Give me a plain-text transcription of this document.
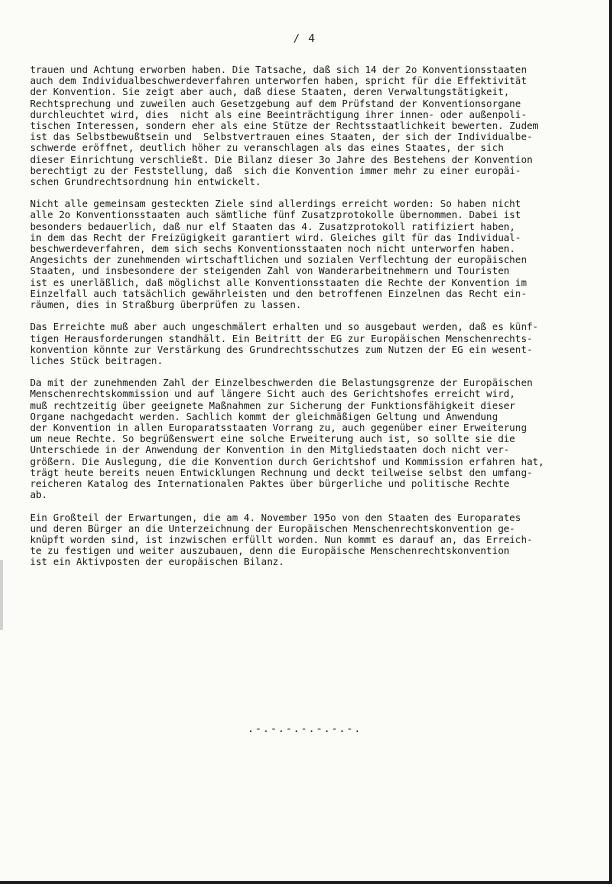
/ 4
trauen und Achtung erworben haben. Die Tatsache, daß sich 14 der 2o Konventionsstaaten
auch dem Individualbeschwerdeverfahren unterworfen haben, spricht für die Effektivität
der Konvention. Sie zeigt aber auch, daß diese Staaten, deren Verwaltungstätigkeit,
Rechtsprechung und zuweilen auch Gesetzgebung auf dem Prüfstand der Konventionsorgane
durchleuchtet wird, dies  nicht als eine Beeinträchtigung ihrer innen- oder außenpoli-
tischen Interessen, sondern eher als eine Stütze der Rechtsstaatlichkeit bewerten. Zudem
ist das Selbstbewußtsein und  Selbstvertrauen eines Staaten, der sich der Individualbe-
schwerde eröffnet, deutlich höher zu veranschlagen als das eines Staates, der sich
dieser Einrichtung verschließt. Die Bilanz dieser 3o Jahre des Bestehens der Konvention
berechtigt zu der Feststellung, daß  sich die Konvention immer mehr zu einer europäi-
schen Grundrechtsordnung hin entwickelt.
Nicht alle gemeinsam gesteckten Ziele sind allerdings erreicht worden: So haben nicht
alle 2o Konventionsstaaten auch sämtliche fünf Zusatzprotokolle übernommen. Dabei ist
besonders bedauerlich, daß nur elf Staaten das 4. Zusatzprotokoll ratifiziert haben,
in dem das Recht der Freizügigkeit garantiert wird. Gleiches gilt für das Individual-
beschwerdeverfahren, dem sich sechs Konventionsstaaten noch nicht unterworfen haben.
Angesichts der zunehmenden wirtschaftlichen und sozialen Verflechtung der europäischen
Staaten, und insbesondere der steigenden Zahl von Wanderarbeitnehmern und Touristen
ist es unerläßlich, daß möglichst alle Konventionsstaaten die Rechte der Konvention im
Einzelfall auch tatsächlich gewährleisten und den betroffenen Einzelnen das Recht ein-
räumen, dies in Straßburg überprüfen zu lassen.
Das Erreichte muß aber auch ungeschmälert erhalten und so ausgebaut werden, daß es künf-
tigen Herausforderungen standhält. Ein Beitritt der EG zur Europäischen Menschenrechts-
konvention könnte zur Verstärkung des Grundrechtsschutzes zum Nutzen der EG ein wesent-
liches Stück beitragen.
Da mit der zunehmenden Zahl der Einzelbeschwerden die Belastungsgrenze der Europäischen
Menschenrechtskommission und auf längere Sicht auch des Gerichtshofes erreicht wird,
muß rechtzeitig über geeignete Maßnahmen zur Sicherung der Funktionsfähigkeit dieser
Organe nachgedacht werden. Sachlich kommt der gleichmäßigen Geltung und Anwendung
der Konvention in allen Europaratsstaaten Vorrang zu, auch gegenüber einer Erweiterung
um neue Rechte. So begrüßenswert eine solche Erweiterung auch ist, so sollte sie die
Unterschiede in der Anwendung der Konvention in den Mitgliedstaaten doch nicht ver-
größern. Die Auslegung, die die Konvention durch Gerichtshof und Kommission erfahren hat,
trägt heute bereits neuen Entwicklungen Rechnung und deckt teilweise selbst den umfang-
reicheren Katalog des Internationalen Paktes über bürgerliche und politische Rechte
ab.
Ein Großteil der Erwartungen, die am 4. November 195o von den Staaten des Europarates
und deren Bürger an die Unterzeichnung der Europäischen Menschenrechtskonvention ge-
knüpft worden sind, ist inzwischen erfüllt worden. Nun kommt es darauf an, das Erreich-
te zu festigen und weiter auszubauen, denn die Europäische Menschenrechtskonvention
ist ein Aktivposten der europäischen Bilanz.
.-.-.-.-.-.-.-.
